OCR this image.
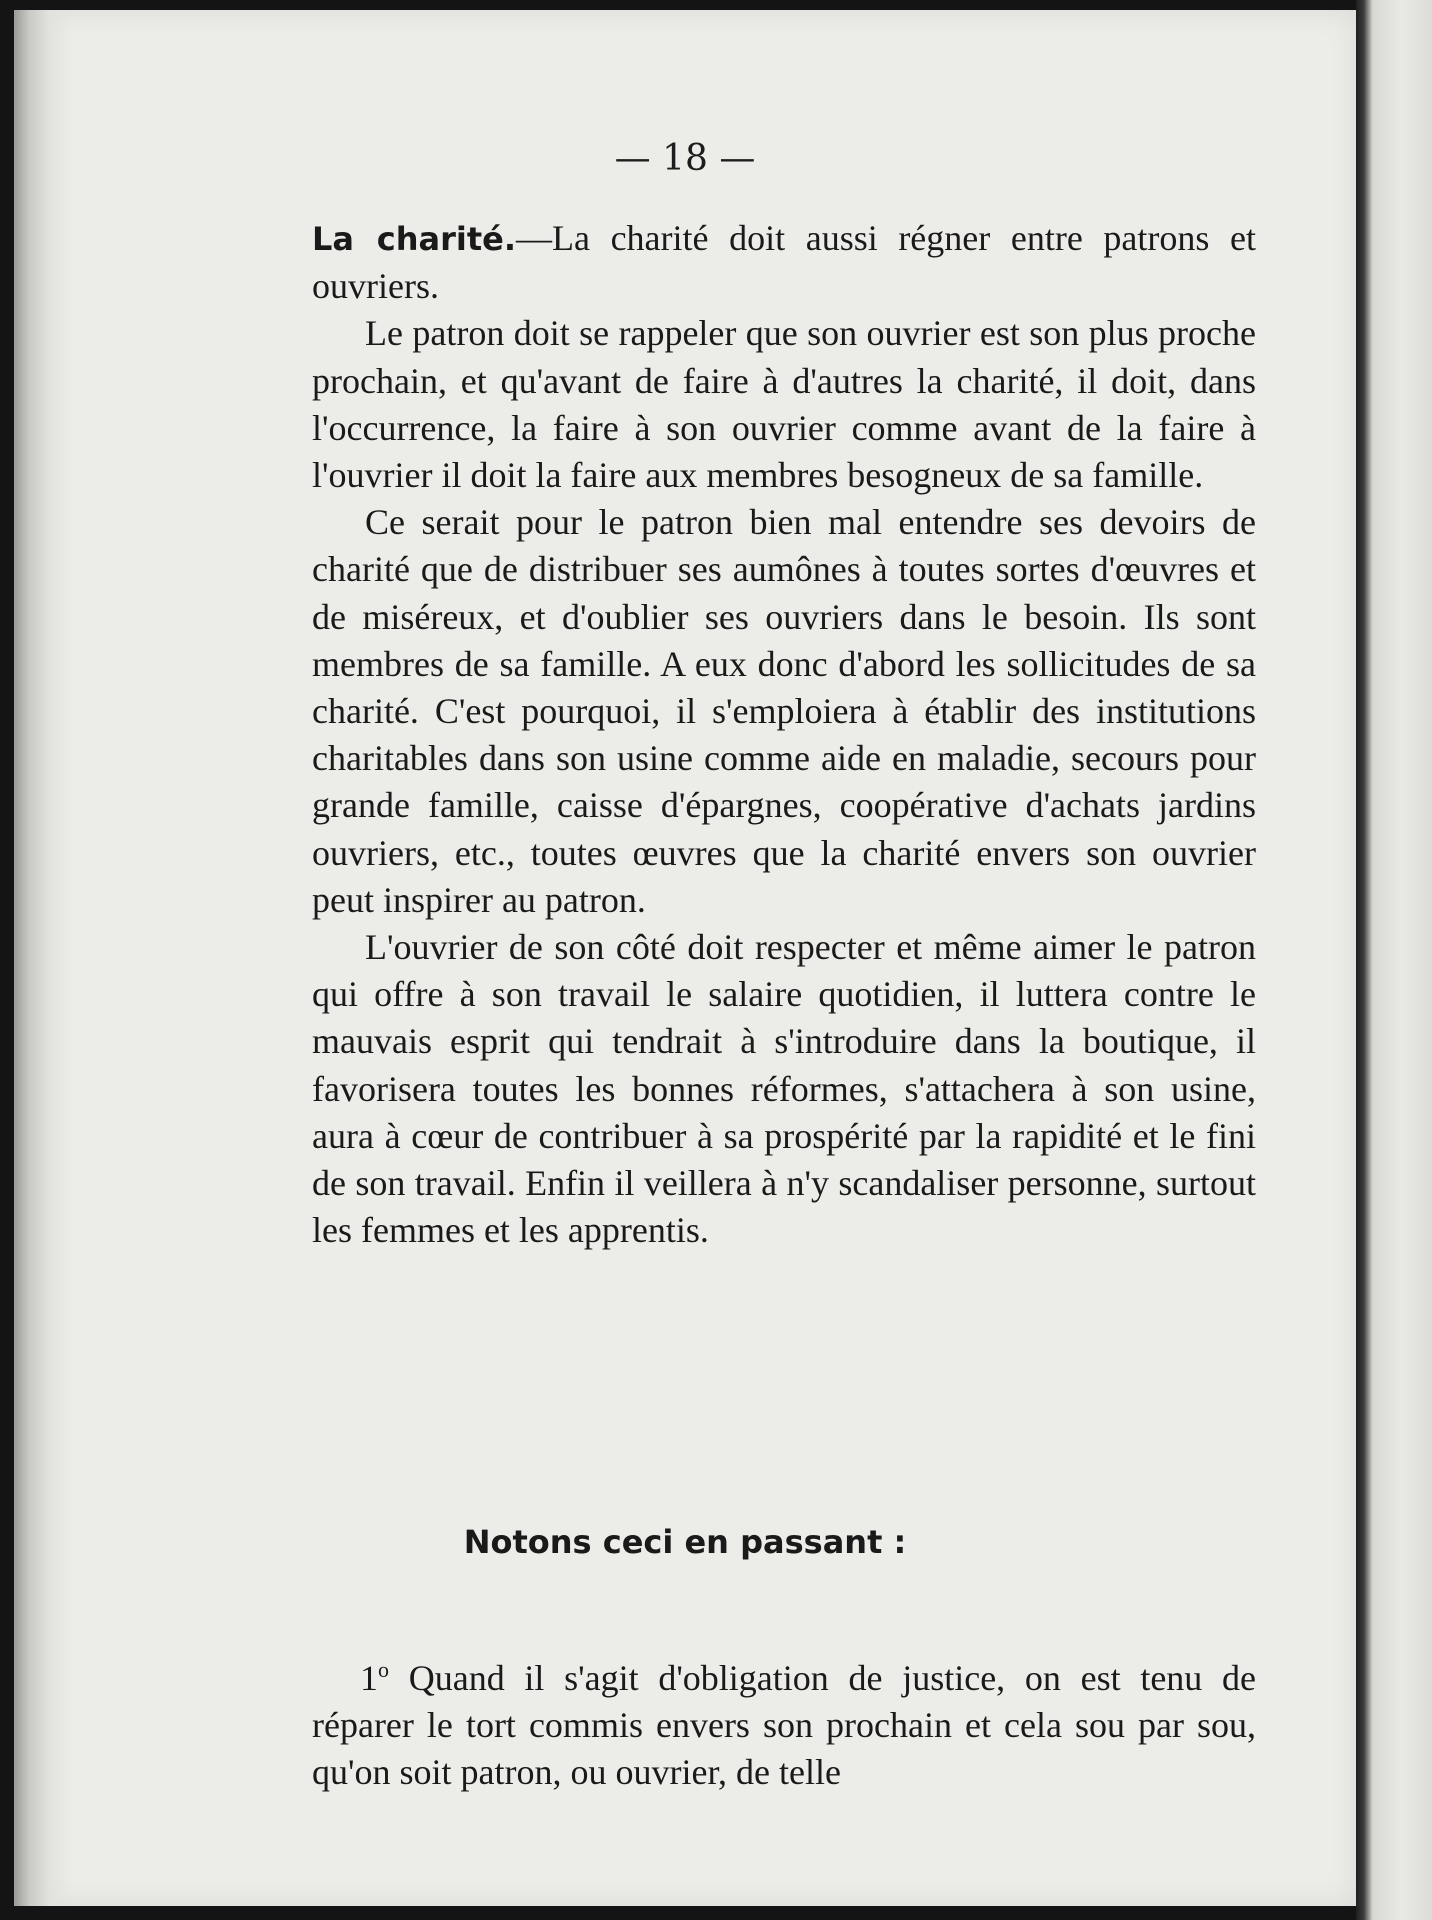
— 18 —

La charité.—La charité doit aussi régner entre patrons et ouvriers.

Le patron doit se rappeler que son ouvrier est son plus proche prochain, et qu'avant de faire à d'autres la charité, il doit, dans l'occurrence, la faire à son ouvrier comme avant de la faire à l'ouvrier il doit la faire aux membres besogneux de sa famille.

Ce serait pour le patron bien mal entendre ses devoirs de charité que de distribuer ses aumônes à toutes sortes d'œuvres et de miséreux, et d'oublier ses ouvriers dans le besoin. Ils sont membres de sa famille. A eux donc d'abord les sollicitudes de sa charité. C'est pourquoi, il s'emploiera à établir des institutions charitables dans son usine comme aide en maladie, secours pour grande famille, caisse d'épargnes, coopérative d'achats jardins ouvriers, etc., toutes œuvres que la charité envers son ouvrier peut inspirer au patron.

L'ouvrier de son côté doit respecter et même aimer le patron qui offre à son travail le salaire quotidien, il luttera contre le mauvais esprit qui tendrait à s'introduire dans la boutique, il favorisera toutes les bonnes réformes, s'attachera à son usine, aura à cœur de contribuer à sa prospérité par la rapidité et le fini de son travail. Enfin il veillera à n'y scandaliser personne, surtout les femmes et les apprentis.

Notons ceci en passant :
1$^o$ Quand il s'agit d'obligation de justice, on est tenu de réparer le tort commis envers son prochain et cela sou par sou, qu'on soit patron, ou ouvrier, de telle
